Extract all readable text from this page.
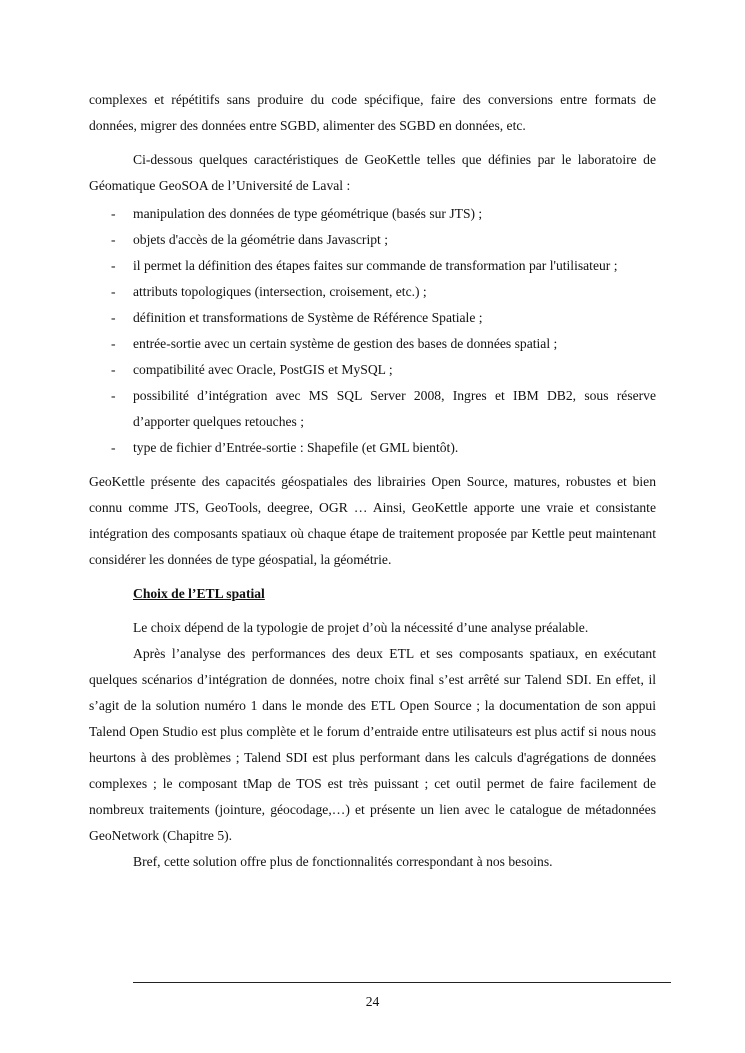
complexes et répétitifs sans produire du code spécifique, faire des conversions entre formats de données, migrer des données entre SGBD, alimenter des SGBD en données, etc.

Ci-dessous quelques caractéristiques de GeoKettle telles que définies par le laboratoire de Géomatique GeoSOA de l’Université de Laval :

- manipulation des données de type géométrique (basés sur JTS) ;
- objets d'accès de la géométrie dans Javascript ;
- il permet la définition des étapes faites sur commande de transformation par l'utilisateur ;
- attributs topologiques (intersection, croisement, etc.) ;
- définition et transformations de Système de Référence Spatiale ;
- entrée-sortie avec un certain système de gestion des bases de données spatial ;
- compatibilité avec Oracle, PostGIS et MySQL ;
- possibilité d’intégration avec MS SQL Server 2008, Ingres et IBM DB2, sous réserve d’apporter quelques retouches ;
- type de fichier d’Entrée-sortie : Shapefile (et GML bientôt).

GeoKettle présente des capacités géospatiales des librairies Open Source, matures, robustes et bien connu comme JTS, GeoTools, deegree, OGR … Ainsi, GeoKettle apporte une vraie et consistante intégration des composants spatiaux où chaque étape de traitement proposée par Kettle peut maintenant considérer les données de type géospatial, la géométrie.

Choix de l’ETL spatial

Le choix dépend de la typologie de projet d’où la nécessité d’une analyse préalable.

Après l’analyse des performances des deux ETL et ses composants spatiaux, en exécutant quelques scénarios d’intégration de données, notre choix final s’est arrêté sur Talend SDI. En effet, il s’agit de la solution numéro 1 dans le monde des ETL Open Source ; la documentation de son appui Talend Open Studio est plus complète et le forum d’entraide entre utilisateurs est plus actif si nous nous heurtons à des problèmes ; Talend SDI est plus performant dans les calculs d'agrégations de données complexes ; le composant tMap de TOS est très puissant ; cet outil permet de faire facilement de nombreux traitements (jointure, géocodage,…) et présente un lien avec le catalogue de métadonnées GeoNetwork (Chapitre 5).

Bref, cette solution offre plus de fonctionnalités correspondant à nos besoins.

24
